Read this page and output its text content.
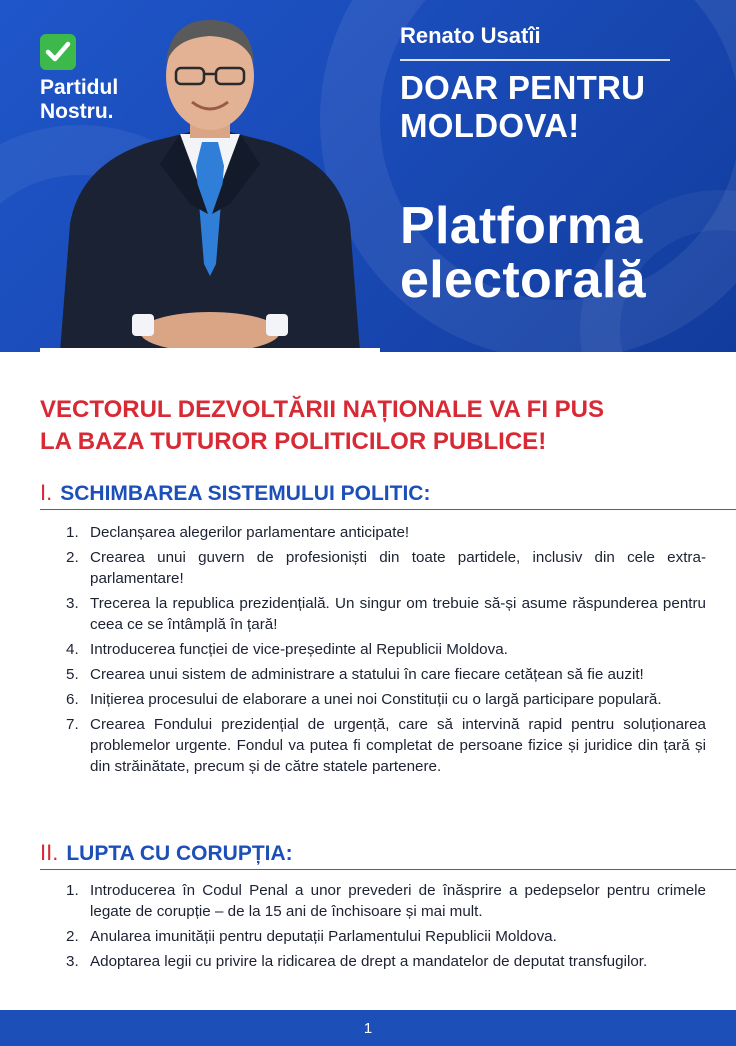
Partidul
Nostru.
Renato Usatîi
DOAR PENTRU
MOLDOVA!
Platforma
electorală
VECTORUL DEZVOLTĂRII NAȚIONALE VA FI PUS
LA BAZA TUTUROR POLITICILOR PUBLICE!
I. SCHIMBAREA SISTEMULUI POLITIC:
1. Declanșarea alegerilor parlamentare anticipate!
2. Crearea unui guvern de profesioniști din toate partidele, inclusiv din cele extra-parlamentare!
3. Trecerea la republica prezidențială. Un singur om trebuie să-și asume răspunderea pentru ceea ce se întâmplă în țară!
4. Introducerea funcției de vice-președinte al Republicii Moldova.
5. Crearea unui sistem de administrare a statului în care fiecare cetățean să fie auzit!
6. Inițierea procesului de elaborare a unei noi Constituții cu o largă participare populară.
7. Crearea Fondului prezidențial de urgență, care să intervină rapid pentru soluționarea problemelor urgente. Fondul va putea fi completat de persoane fizice și juridice din țară și din străinătate, precum și de către statele partenere.
II. LUPTA CU CORUPȚIA:
1. Introducerea în Codul Penal a unor prevederi de înăsprire a pedepselor pentru crimele legate de corupție – de la 15 ani de închisoare și mai mult.
2. Anularea imunității pentru deputații Parlamentului Republicii Moldova.
3. Adoptarea legii cu privire la ridicarea de drept a mandatelor de deputat transfugilor.
1
